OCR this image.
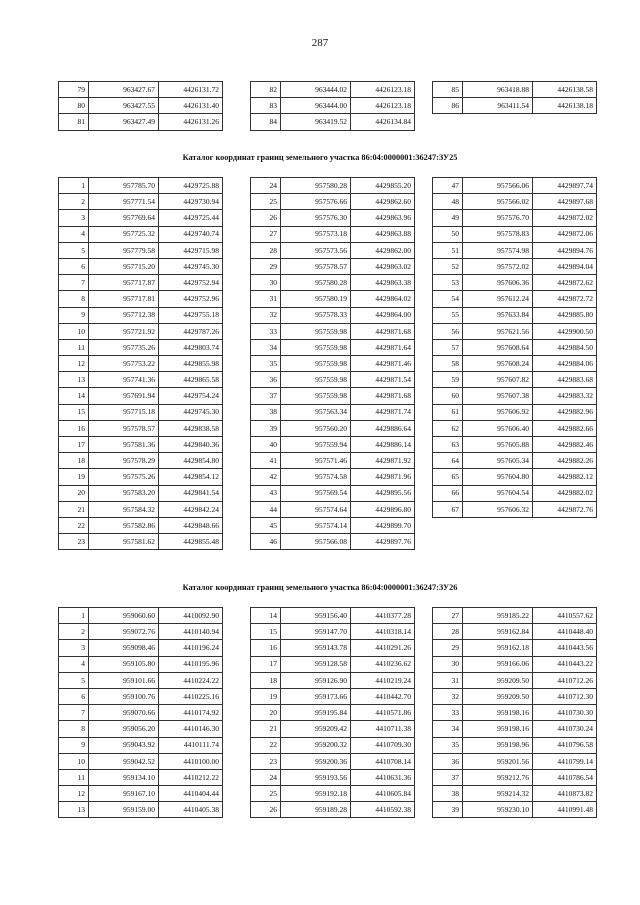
287
Каталог координат границ земельного участка 86:04:0000001:36247:ЗУ25
Каталог координат границ земельного участка 86:04:0000001:36247:ЗУ26
79	963427.67	4426131.72
80	963427.55	4426131.40
81	963427.49	4426131.26
82	963444.02	4426123.18
83	963444.00	4426123.18
84	963419.52	4426134.84
85	963418.88	4426138.58
86	963411.54	4426138.18
1	957785.70	4429725.88
2	957771.54	4429730.94
3	957769.64	4429725.44
4	957725.32	4429740.74
5	957779.58	4429715.98
6	957715.20	4429745.30
7	957717.87	4429752.94
8	957717.81	4429752.96
9	957712.38	4429755.18
10	957721.92	4429787.26
11	957735.26	4429803.74
12	957753.22	4429855.98
13	957741.36	4429865.58
14	957691.94	4429754.24
15	957715.18	4429745.30
16	957578.57	4429838.58
17	957581.36	4429840.36
18	957578.29	4429854.80
19	957575.26	4429854.12
20	957583.20	4429841.54
21	957584.32	4429842.24
22	957582.86	4429848.66
23	957581.62	4429855.48
24	957580.28	4429855.20
25	957576.66	4429862.60
26	957576.30	4429863.96
27	957573.18	4429863.88
28	957573.56	4429862.00
29	957578.57	4429863.02
30	957580.28	4429863.38
31	957580.19	4429864.02
32	957578.33	4429864.00
33	957559.98	4429871.68
34	957559.98	4429871.64
35	957559.98	4429871.46
36	957559.98	4429871.54
37	957559.98	4429871.68
38	957563.34	4429871.74
39	957560.20	4429886.64
40	957559.94	4429886.14
41	957571.46	4429871.92
42	957574.58	4429871.96
43	957569.54	4429895.56
44	957574.64	4429896.80
45	957574.14	4429899.70
46	957566.08	4429897.76
47	957566.06	4429897.74
48	957566.02	4429897.68
49	957576.70	4429872.02
50	957578.83	4429872.06
51	957574.98	4429894.76
52	957572.02	4429894.04
53	957606.36	4429872.62
54	957612.24	4429872.72
55	957633.84	4429885.80
56	957621.56	4429900.50
57	957608.64	4429884.50
58	957608.24	4429884.06
59	957607.82	4429883.68
60	957607.38	4429883.32
61	957606.92	4429882.96
62	957606.40	4429882.66
63	957605.88	4429882.46
64	957605.34	4429882.26
65	957604.80	4429882.12
66	957604.54	4429882.02
67	957606.32	4429872.76
1	959060.60	4410092.90
2	959072.76	4410140.94
3	959098.46	4410196.24
4	959105.80	4410195.96
5	959101.66	4410224.22
6	959100.76	4410225.16
7	959070.66	4410174.92
8	959056.20	4410146.30
9	959043.92	4410111.74
10	959042.52	4410100.00
11	959134.10	4410212.22
12	959167.10	4410404.44
13	959159.00	4410405.38
14	959156.40	4410377.28
15	959147.70	4410318.14
16	959143.78	4410291.26
17	959128.58	4410236.62
18	959126.90	4410219.24
19	959173.66	4410442.70
20	959195.84	4410571.86
21	959209.42	4410711.38
22	959200.32	4410709.30
23	959200.36	4410708.14
24	959193.56	4410631.36
25	959192.18	4410605.84
26	959189.28	4410592.38
27	959185.22	4410557.62
28	959162.84	4410448.40
29	959162.18	4410443.56
30	959166.06	4410443.22
31	959209.50	4410712.26
32	959209.50	4410712.30
33	959198.16	4410730.30
34	959198.16	4410730.24
35	959198.96	4410796.58
36	959201.56	4410799.14
37	959212.76	4410786.54
38	959214.32	4410873.82
39	959230.10	4410991.48
